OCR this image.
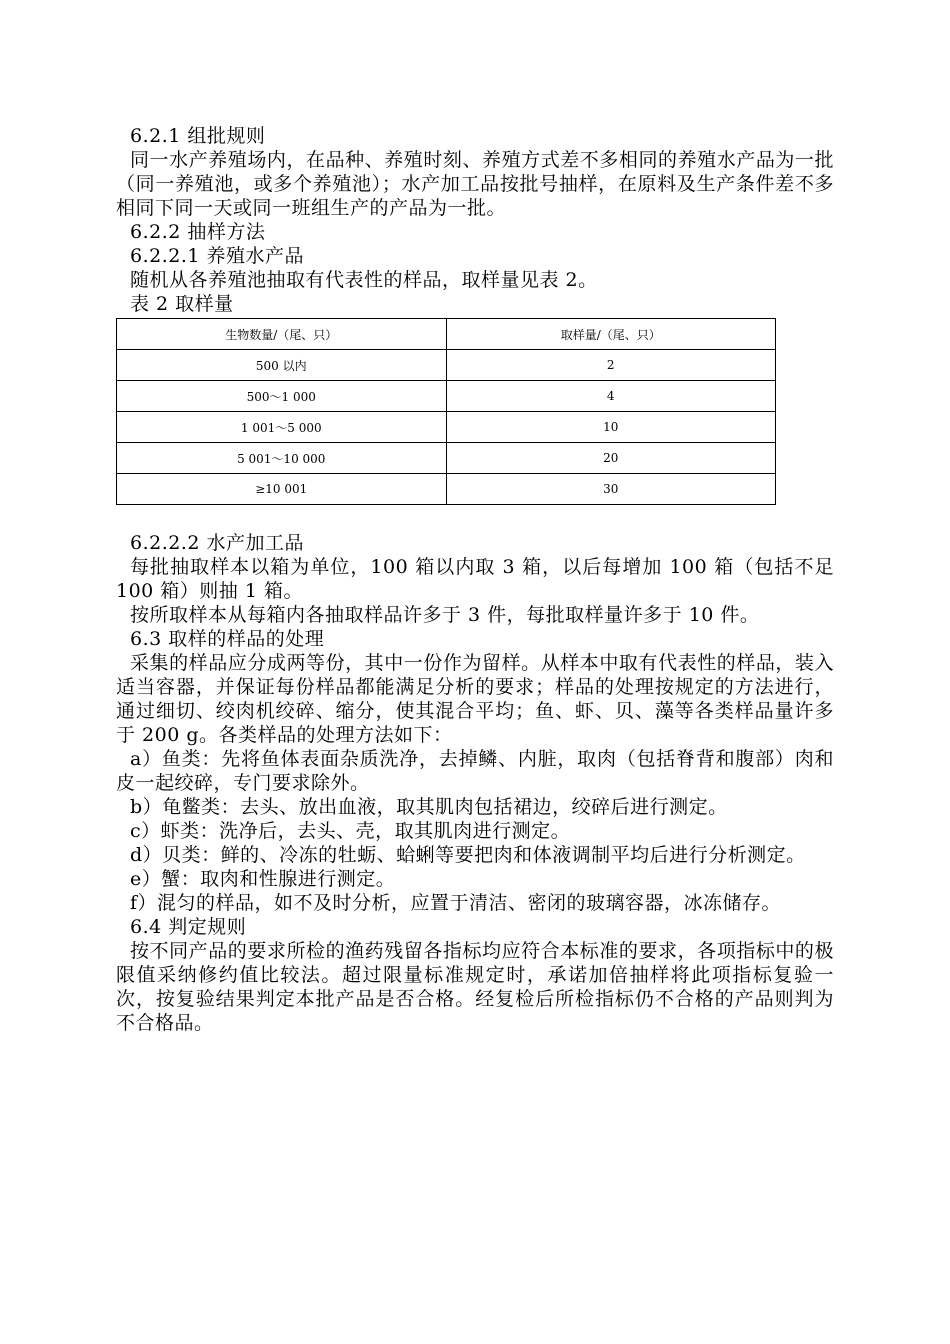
6.2.1 组批规则

同一水产养殖场内，在品种、养殖时刻、养殖方式差不多相同的养殖水产品为一批（同一养殖池，或多个养殖池）；水产加工品按批号抽样，在原料及生产条件差不多相同下同一天或同一班组生产的产品为一批。

6.2.2 抽样方法

6.2.2.1 养殖水产品

随机从各养殖池抽取有代表性的样品，取样量见表 2。

表 2 取样量

生物数量/（尾、只）	取样量/（尾、只）
500 以内	2
500～1 000	4
1 001～5 000	10
5 001～10 000	20
≥10 001	30

6.2.2.2 水产加工品

每批抽取样本以箱为单位，100 箱以内取 3 箱，以后每增加 100 箱（包括不足 100 箱）则抽 1 箱。

按所取样本从每箱内各抽取样品许多于 3 件，每批取样量许多于 10 件。

6.3 取样的样品的处理

采集的样品应分成两等份，其中一份作为留样。从样本中取有代表性的样品，装入适当容器，并保证每份样品都能满足分析的要求；样品的处理按规定的方法进行，通过细切、绞肉机绞碎、缩分，使其混合平均；鱼、虾、贝、藻等各类样品量许多于 200 g。各类样品的处理方法如下：

a）鱼类：先将鱼体表面杂质洗净，去掉鳞、内脏，取肉（包括脊背和腹部）肉和皮一起绞碎，专门要求除外。

b）龟鳖类：去头、放出血液，取其肌肉包括裙边，绞碎后进行测定。

c）虾类：洗净后，去头、壳，取其肌肉进行测定。

d）贝类：鲜的、冷冻的牡蛎、蛤蜊等要把肉和体液调制平均后进行分析测定。

e）蟹：取肉和性腺进行测定。

f）混匀的样品，如不及时分析，应置于清洁、密闭的玻璃容器，冰冻储存。

6.4 判定规则

按不同产品的要求所检的渔药残留各指标均应符合本标准的要求，各项指标中的极限值采纳修约值比较法。超过限量标准规定时，承诺加倍抽样将此项指标复验一次，按复验结果判定本批产品是否合格。经复检后所检指标仍不合格的产品则判为不合格品。
